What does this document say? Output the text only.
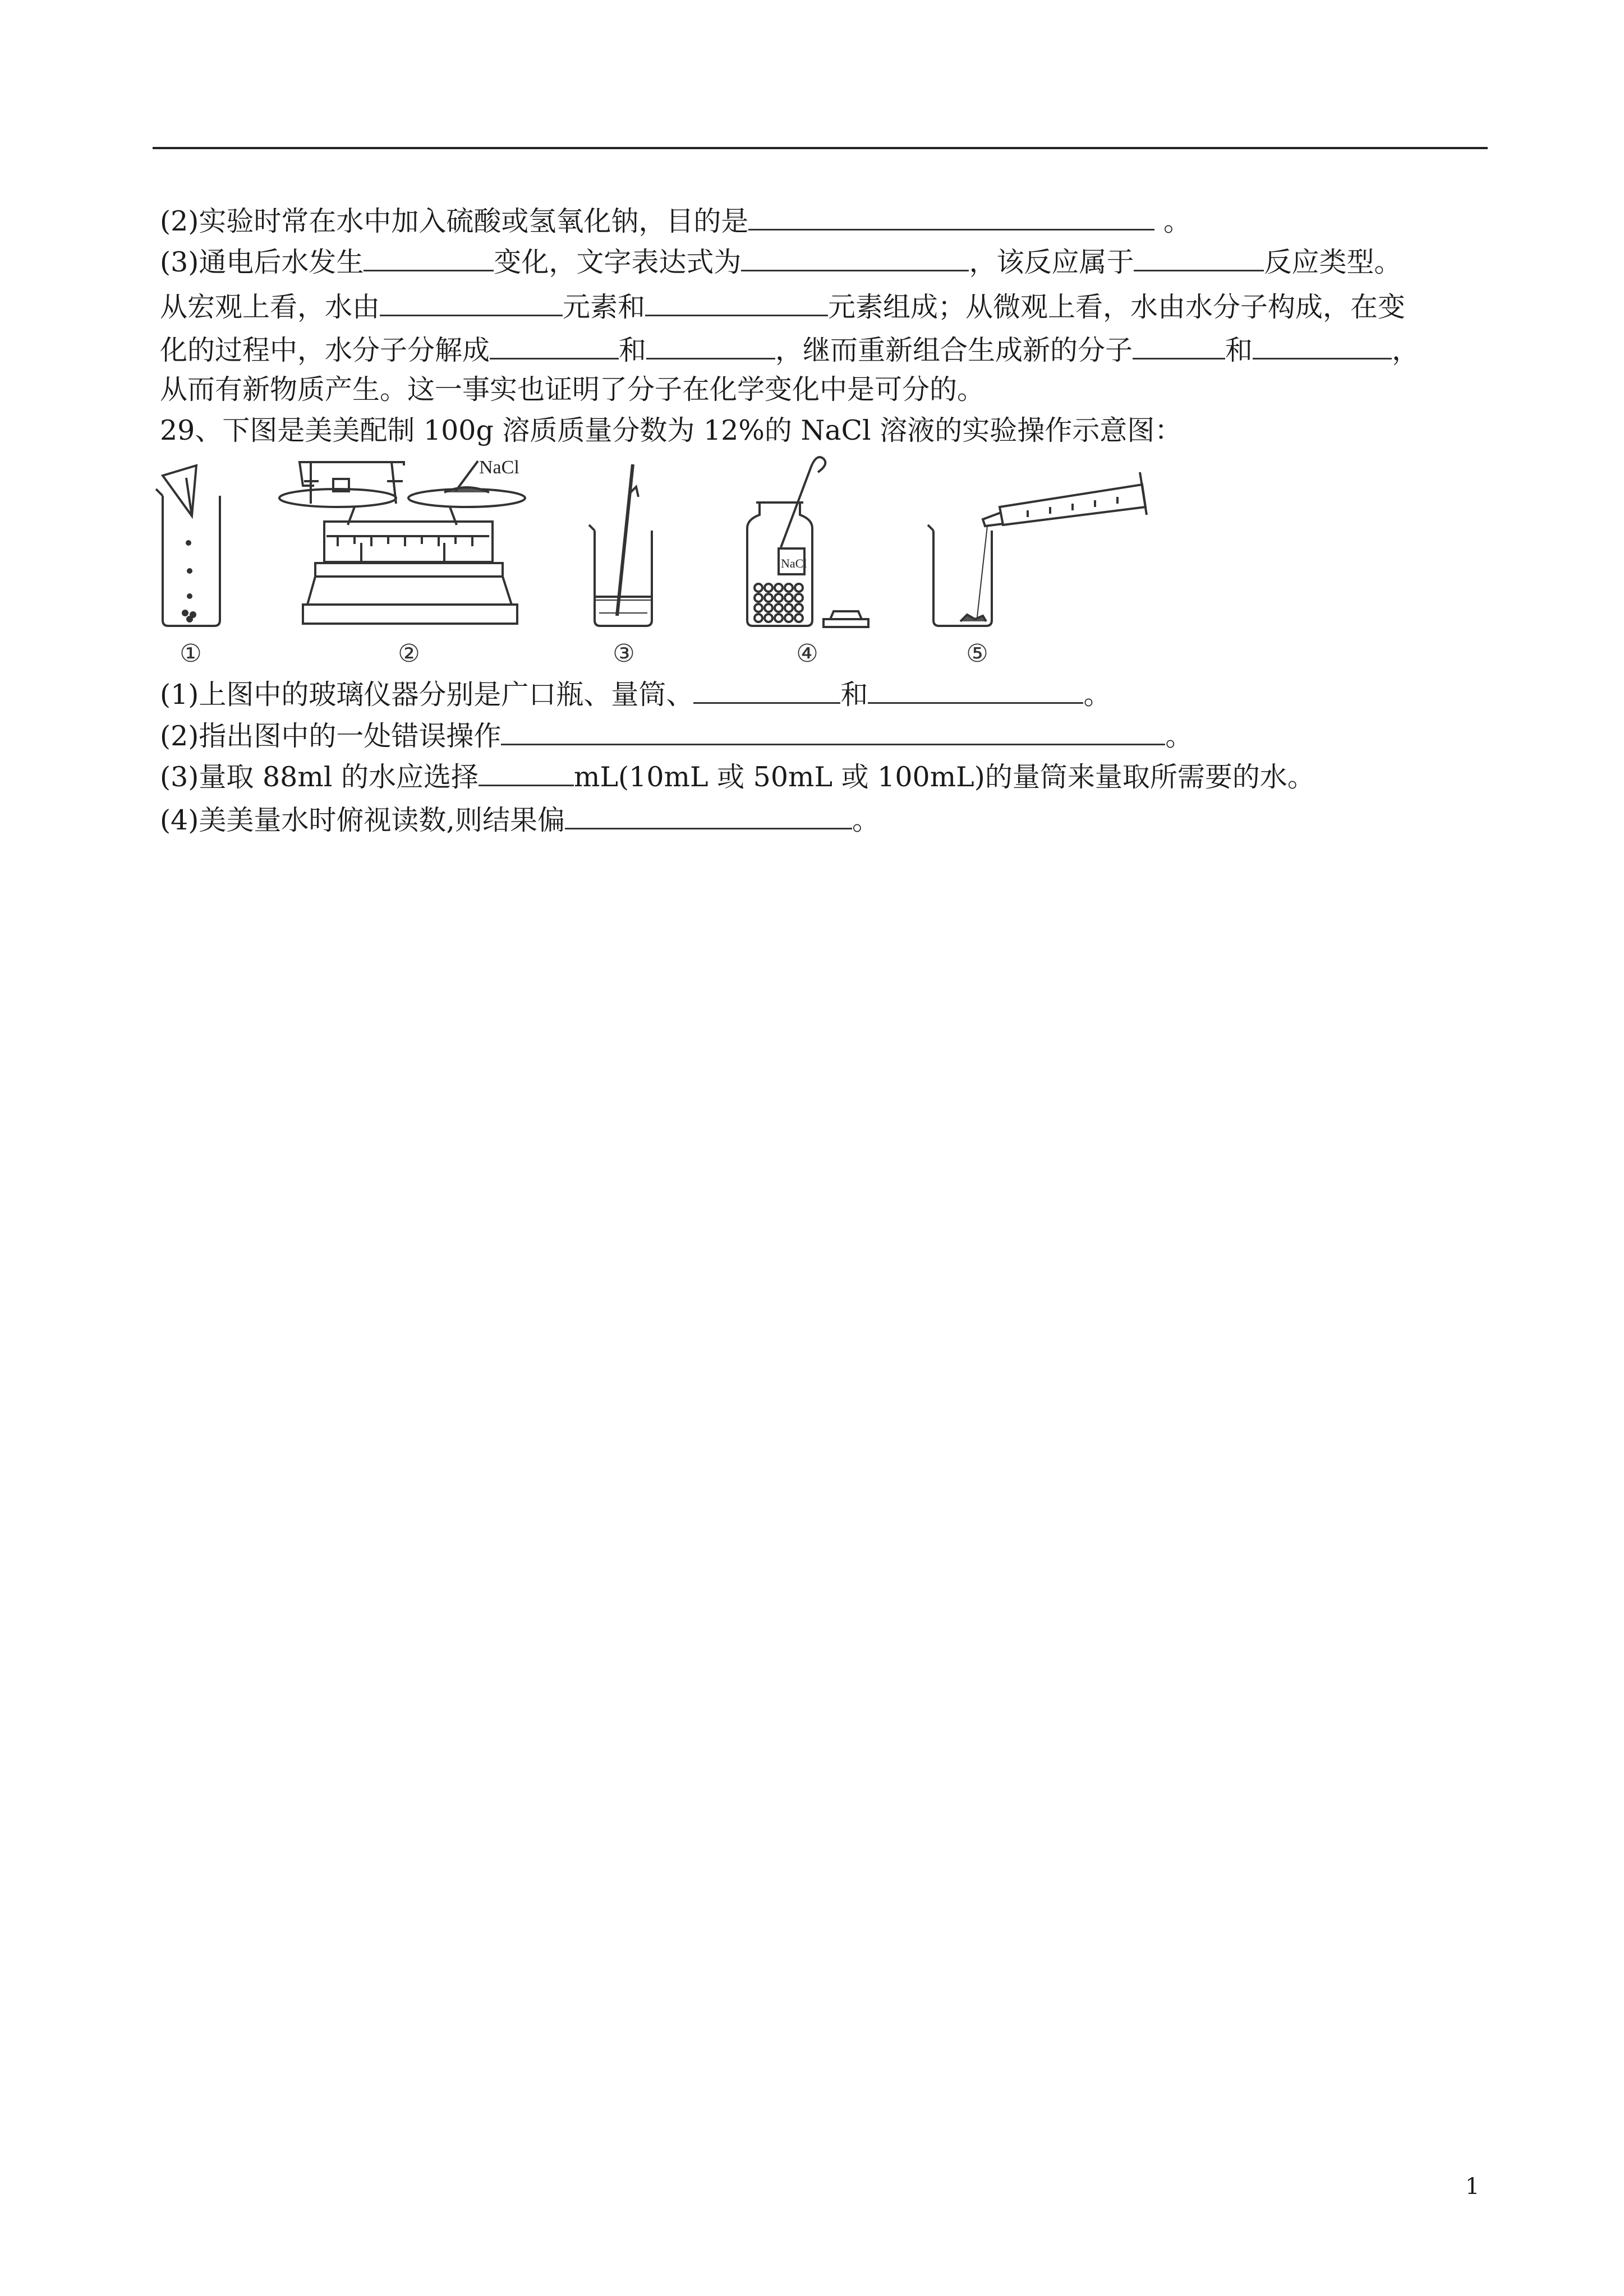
(2)实验时常在水中加入硫酸或氢氧化钠，目的是	。
(3)通电后水发生	变化，文字表达式为	，该反应属于	反应类型。
从宏观上看，水由	元素和	元素组成；从微观上看，水由水分子构成，在变
化的过程中，水分子分解成	和	，继而重新组合生成新的分子	和	，
从而有新物质产生。这一事实也证明了分子在化学变化中是可分的。
29、下图是美美配制 100g 溶质质量分数为 12%的 NaCl 溶液的实验操作示意图：
NaCl
NaCl
①	②	③	④	⑤
(1)上图中的玻璃仪器分别是广口瓶、量筒、	和	。
(2)指出图中的一处错误操作	。
(3)量取 88ml 的水应选择	mL(10mL 或 50mL 或 100mL)的量筒来量取所需要的水。
(4)美美量水时俯视读数,则结果偏	。
1
